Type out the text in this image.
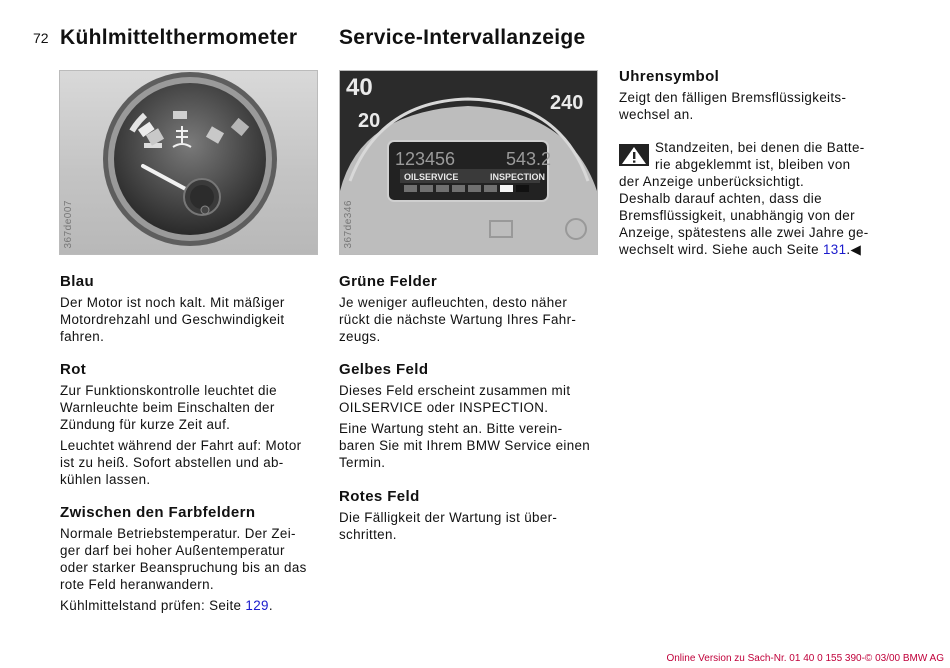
72 Kühlmittelthermometer Service-Intervallanzeige
367de007
40
240
20
123456	543.2
OILSERVICE	INSPECTION
367de346
Blau
Der Motor ist noch kalt. Mit mäßiger
Motordrehzahl und Geschwindigkeit
fahren.
Rot
Zur Funktionskontrolle leuchtet die
Warnleuchte beim Einschalten der
Zündung für kurze Zeit auf.
Leuchtet während der Fahrt auf: Motor
ist zu heiß. Sofort abstellen und ab-
kühlen lassen.
Zwischen den Farbfeldern
Normale Betriebstemperatur. Der Zei-
ger darf bei hoher Außentemperatur
oder starker Beanspruchung bis an das
rote Feld heranwandern.
Kühlmittelstand prüfen: Seite 129.
Grüne Felder
Je weniger aufleuchten, desto näher
rückt die nächste Wartung Ihres Fahr-
zeugs.
Gelbes Feld
Dieses Feld erscheint zusammen mit
OILSERVICE oder INSPECTION.
Eine Wartung steht an. Bitte verein-
baren Sie mit Ihrem BMW Service einen
Termin.
Rotes Feld
Die Fälligkeit der Wartung ist über-
schritten.
Uhrensymbol
Zeigt den fälligen Bremsflüssigkeits-
wechsel an.
Standzeiten, bei denen die Batte-
rie abgeklemmt ist, bleiben von
der Anzeige unberücksichtigt.
Deshalb darauf achten, dass die
Bremsflüssigkeit, unabhängig von der
Anzeige, spätestens alle zwei Jahre ge-
wechselt wird. Siehe auch Seite 131.◀
Online Version zu Sach-Nr. 01 40 0 155 390-© 03/00 BMW AG
